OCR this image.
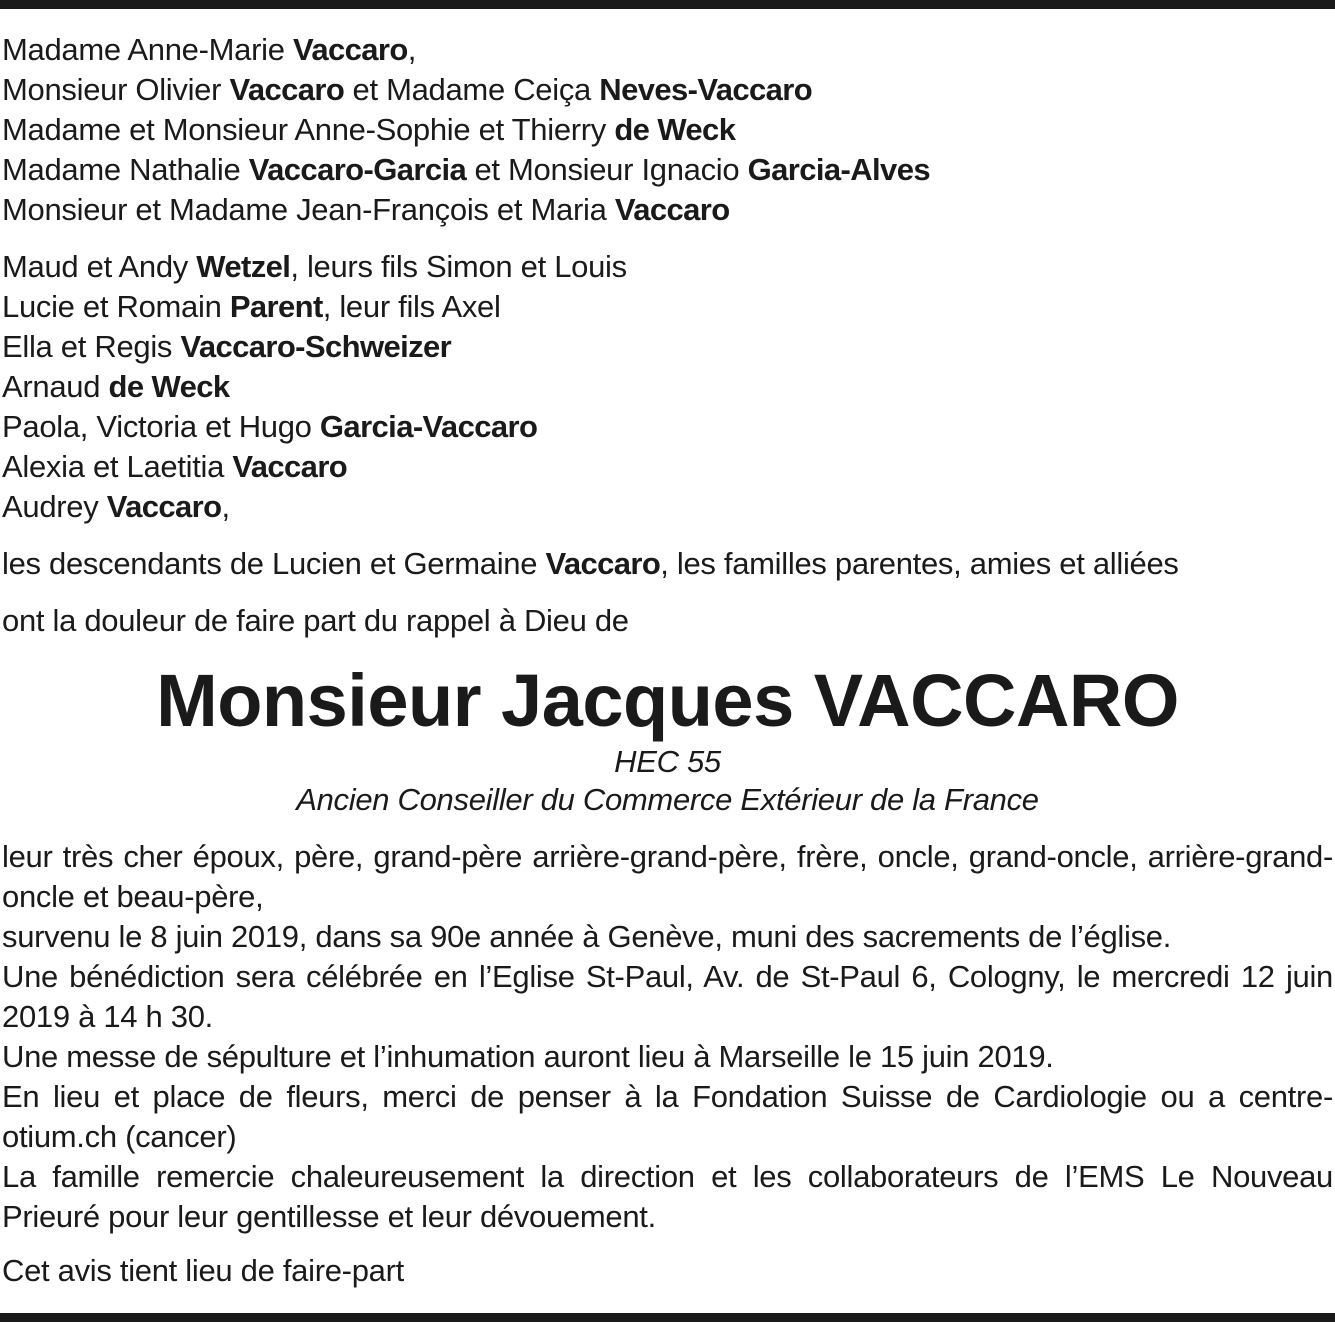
Madame Anne-Marie Vaccaro,
Monsieur Olivier Vaccaro et Madame Ceiça Neves-Vaccaro
Madame et Monsieur Anne-Sophie et Thierry de Weck
Madame Nathalie Vaccaro-Garcia et Monsieur Ignacio Garcia-Alves
Monsieur et Madame Jean-François et Maria Vaccaro
Maud et Andy Wetzel, leurs fils Simon et Louis
Lucie et Romain Parent, leur fils Axel
Ella et Regis Vaccaro-Schweizer
Arnaud de Weck
Paola, Victoria et Hugo Garcia-Vaccaro
Alexia et Laetitia Vaccaro
Audrey Vaccaro,
les descendants de Lucien et Germaine Vaccaro, les familles parentes, amies et alliées
ont la douleur de faire part du rappel à Dieu de
Monsieur Jacques VACCARO
HEC 55
Ancien Conseiller du Commerce Extérieur de la France
leur très cher époux, père, grand-père arrière-grand-père, frère, oncle, grand-oncle, arrière-grand-oncle et beau-père,
survenu le 8 juin 2019, dans sa 90e année à Genève, muni des sacrements de l’église.
Une bénédiction sera célébrée en l’Eglise St-Paul, Av. de St-Paul 6, Cologny, le mercredi 12 juin 2019 à 14 h 30.
Une messe de sépulture et l’inhumation auront lieu à Marseille le 15 juin 2019.
En lieu et place de fleurs, merci de penser à la Fondation Suisse de Cardiologie ou a centre-otium.ch (cancer)
La famille remercie chaleureusement la direction et les collaborateurs de l’EMS Le Nouveau Prieuré pour leur gentillesse et leur dévouement.
Cet avis tient lieu de faire-part
